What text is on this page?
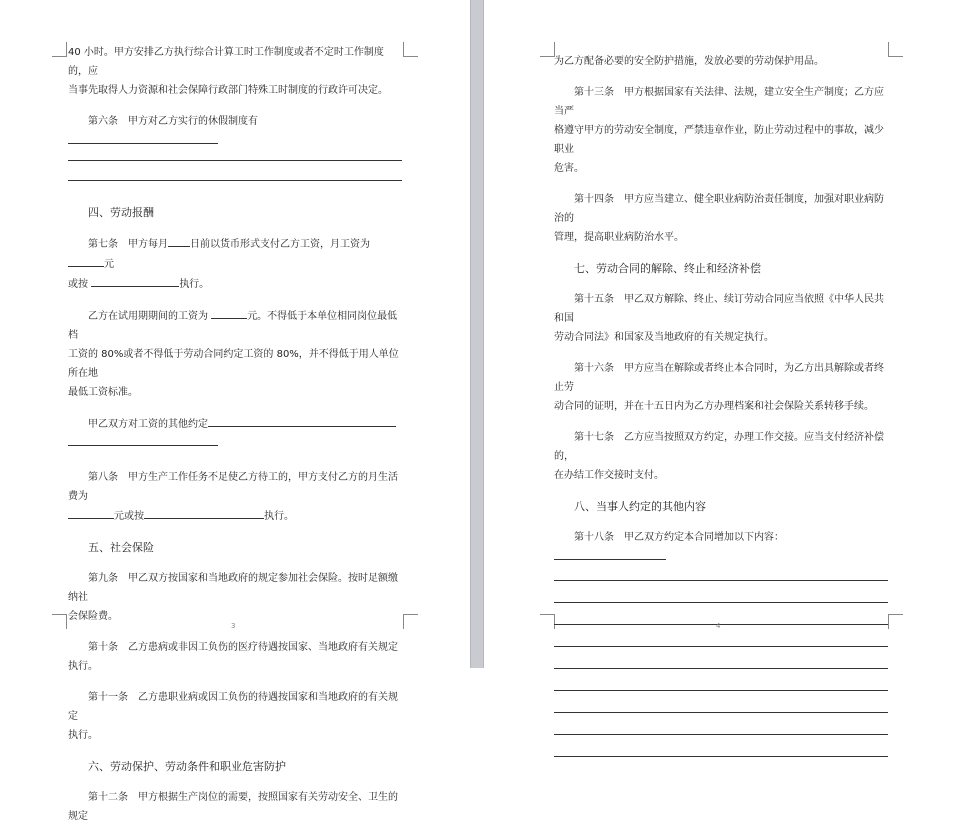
40 小时。甲方安排乙方执行综合计算工时工作制度或者不定时工作制度的，应
当事先取得人力资源和社会保障行政部门特殊工时制度的行政许可决定。

第六条　甲方对乙方实行的休假制度有

四、劳动报酬

第七条　甲方每月 日前以货币形式支付乙方工资，月工资为元
或按	执行。

乙方在试用期期间的工资为	元。不得低于本单位相同岗位最低档
工资的 80%或者不得低于劳动合同约定工资的 80%，并不得低于用人单位所在地
最低工资标准。

甲乙双方对工资的其他约定

第八条　甲方生产工作任务不足使乙方待工的，甲方支付乙方的月生活费为
元或按	执行。

五、社会保险

第九条　甲乙双方按国家和当地政府的规定参加社会保险。按时足额缴纳社
会保险费。

第十条　乙方患病或非因工负伤的医疗待遇按国家、当地政府有关规定执行。

第十一条　乙方患职业病或因工负伤的待遇按国家和当地政府的有关规定
执行。

六、劳动保护、劳动条件和职业危害防护

第十二条　甲方根据生产岗位的需要，按照国家有关劳动安全、卫生的规定

3

为乙方配备必要的安全防护措施，发放必要的劳动保护用品。

第十三条　甲方根据国家有关法律、法规，建立安全生产制度；乙方应当严
格遵守甲方的劳动安全制度，严禁违章作业，防止劳动过程中的事故，减少职业
危害。

第十四条　甲方应当建立、健全职业病防治责任制度，加强对职业病防治的
管理，提高职业病防治水平。

七、劳动合同的解除、终止和经济补偿

第十五条　甲乙双方解除、终止、续订劳动合同应当依照《中华人民共和国
劳动合同法》和国家及当地政府的有关规定执行。

第十六条　甲方应当在解除或者终止本合同时，为乙方出具解除或者终止劳
动合同的证明，并在十五日内为乙方办理档案和社会保险关系转移手续。

第十七条　乙方应当按照双方约定，办理工作交接。应当支付经济补偿的，
在办结工作交接时支付。

八、当事人约定的其他内容

第十八条　甲乙双方约定本合同增加以下内容：

4
